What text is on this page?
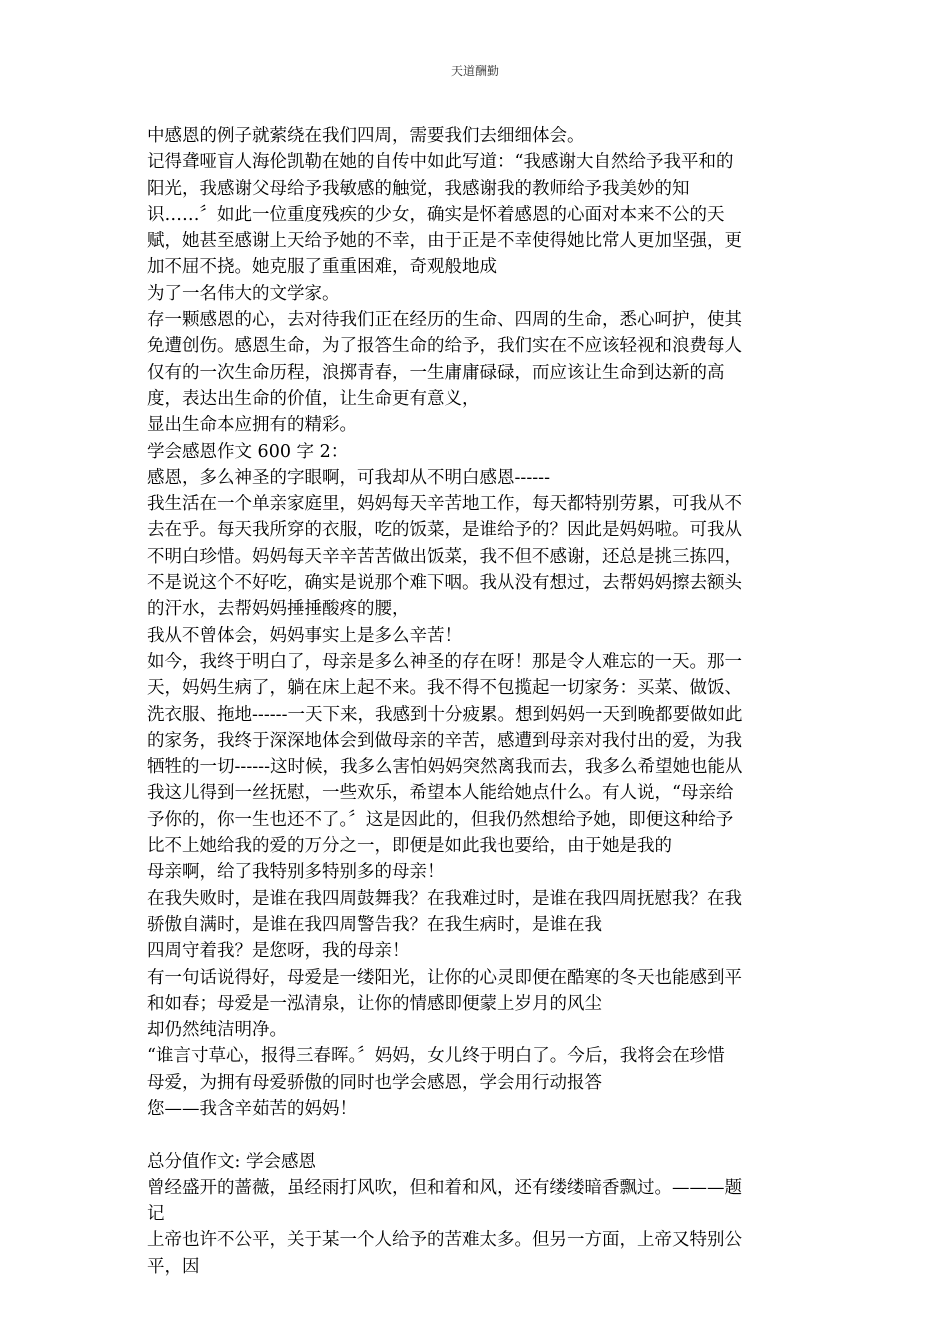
天道酬勤

中感恩的例子就萦绕在我们四周，需要我们去细细体会。

记得聋哑盲人海伦凯勒在她的自传中如此写道：“我感谢大自然给予我平和的

阳光，我感谢父母给予我敏感的触觉，我感谢我的教师给予我美妙的知

识……〞如此一位重度残疾的少女，确实是怀着感恩的心面对本来不公的天

赋，她甚至感谢上天给予她的不幸，由于正是不幸使得她比常人更加坚强，更

加不屈不挠。她克服了重重困难，奇观般地成

为了一名伟大的文学家。

存一颗感恩的心，去对待我们正在经历的生命、四周的生命，悉心呵护，使其

免遭创伤。感恩生命，为了报答生命的给予，我们实在不应该轻视和浪费每人

仅有的一次生命历程，浪掷青春，一生庸庸碌碌，而应该让生命到达新的高

度，表达出生命的价值，让生命更有意义，

显出生命本应拥有的精彩。

学会感恩作文 600 字 2：

感恩，多么神圣的字眼啊，可我却从不明白感恩------

我生活在一个单亲家庭里，妈妈每天辛苦地工作，每天都特别劳累，可我从不

去在乎。每天我所穿的衣服，吃的饭菜，是谁给予的？因此是妈妈啦。可我从

不明白珍惜。妈妈每天辛辛苦苦做出饭菜，我不但不感谢，还总是挑三拣四，

不是说这个不好吃，确实是说那个难下咽。我从没有想过，去帮妈妈擦去额头

的汗水，去帮妈妈捶捶酸疼的腰，

我从不曾体会，妈妈事实上是多么辛苦！

如今，我终于明白了，母亲是多么神圣的存在呀！那是令人难忘的一天。那一

天，妈妈生病了，躺在床上起不来。我不得不包揽起一切家务：买菜、做饭、

洗衣服、拖地------一天下来，我感到十分疲累。想到妈妈一天到晚都要做如此

的家务，我终于深深地体会到做母亲的辛苦，感遭到母亲对我付出的爱，为我

牺牲的一切------这时候，我多么害怕妈妈突然离我而去，我多么希望她也能从

我这儿得到一丝抚慰，一些欢乐，希望本人能给她点什么。有人说，“母亲给

予你的，你一生也还不了。〞这是因此的，但我仍然想给予她，即便这种给予

比不上她给我的爱的万分之一，即便是如此我也要给，由于她是我的

母亲啊，给了我特别多特别多的母亲！

在我失败时，是谁在我四周鼓舞我？在我难过时，是谁在我四周抚慰我？在我

骄傲自满时，是谁在我四周警告我？在我生病时，是谁在我

四周守着我？是您呀，我的母亲！

有一句话说得好，母爱是一缕阳光，让你的心灵即便在酷寒的冬天也能感到平

和如春；母爱是一泓清泉，让你的情感即便蒙上岁月的风尘

却仍然纯洁明净。

“谁言寸草心，报得三春晖。〞妈妈，女儿终于明白了。今后，我将会在珍惜

母爱，为拥有母爱骄傲的同时也学会感恩，学会用行动报答

您——我含辛茹苦的妈妈！

总分值作文: 学会感恩

曾经盛开的蔷薇，虽经雨打风吹，但和着和风，还有缕缕暗香飘过。———题

记

上帝也许不公平，关于某一个人给予的苦难太多。但另一方面，上帝又特别公

平，因
